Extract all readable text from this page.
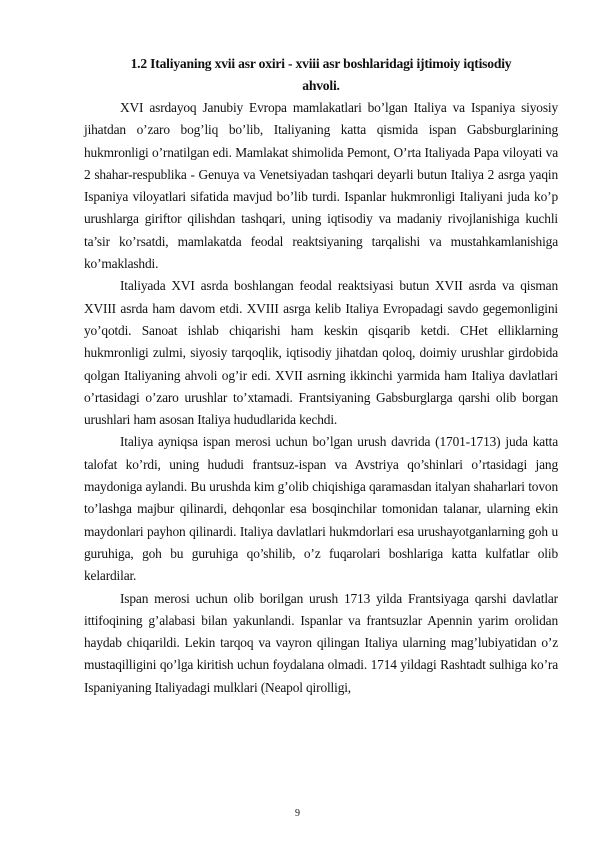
1.2 Italiyaning xvii asr oxiri - xviii asr boshlaridagi ijtimoiy iqtisodiy
ahvoli.

XVI asrdayoq Janubiy Evropa mamlakatlari bo’lgan Italiya va Ispaniya siyosiy jihatdan o’zaro bog’liq bo’lib, Italiyaning katta qismida ispan Gabsburglarining hukmronligi o’rnatilgan edi. Mamlakat shimolida Pemont, O’rta Italiyada Papa viloyati va 2 shahar-respublika - Genuya va Venetsiyadan tashqari deyarli butun Italiya 2 asrga yaqin Ispaniya viloyatlari sifatida mavjud bo’lib turdi. Ispanlar hukmronligi Italiyani juda ko’p urushlarga giriftor qilishdan tashqari, uning iqtisodiy va madaniy rivojlanishiga kuchli ta’sir ko’rsatdi, mamlakatda feodal reaktsiyaning tarqalishi va mustahkamlanishiga ko’maklashdi.

Italiyada XVI asrda boshlangan feodal reaktsiyasi butun XVII asrda va qisman XVIII asrda ham davom etdi. XVIII asrga kelib Italiya Evropadagi savdo gegemonligini yo’qotdi. Sanoat ishlab chiqarishi ham keskin qisqarib ketdi. CHet elliklarning hukmronligi zulmi, siyosiy tarqoqlik, iqtisodiy jihatdan qoloq, doimiy urushlar girdobida qolgan Italiyaning ahvoli og’ir edi. XVII asrning ikkinchi yarmida ham Italiya davlatlari o’rtasidagi o’zaro urushlar to’xtamadi. Frantsiyaning Gabsburglarga qarshi olib borgan urushlari ham asosan Italiya hududlarida kechdi.

Italiya ayniqsa ispan merosi uchun bo’lgan urush davrida (1701-1713) juda katta talofat ko’rdi, uning hududi frantsuz-ispan va Avstriya qo’shinlari o’rtasidagi jang maydoniga aylandi. Bu urushda kim g’olib chiqishiga qaramasdan italyan shaharlari tovon to’lashga majbur qilinardi, dehqonlar esa bosqinchilar tomonidan talanar, ularning ekin maydonlari payhon qilinardi. Italiya davlatlari hukmdorlari esa urushayotganlarning goh u guruhiga, goh bu guruhiga qo’shilib, o’z fuqarolari boshlariga katta kulfatlar olib kelardilar.

Ispan merosi uchun olib borilgan urush 1713 yilda Frantsiyaga qarshi davlatlar ittifoqining g’alabasi bilan yakunlandi. Ispanlar va frantsuzlar Apennin yarim orolidan haydab chiqarildi. Lekin tarqoq va vayron qilingan Italiya ularning mag’lubiyatidan o’z mustaqilligini qo’lga kiritish uchun foydalana olmadi. 1714 yildagi Rashtadt sulhiga ko’ra Ispaniyaning Italiyadagi mulklari (Neapol qirolligi,

9
